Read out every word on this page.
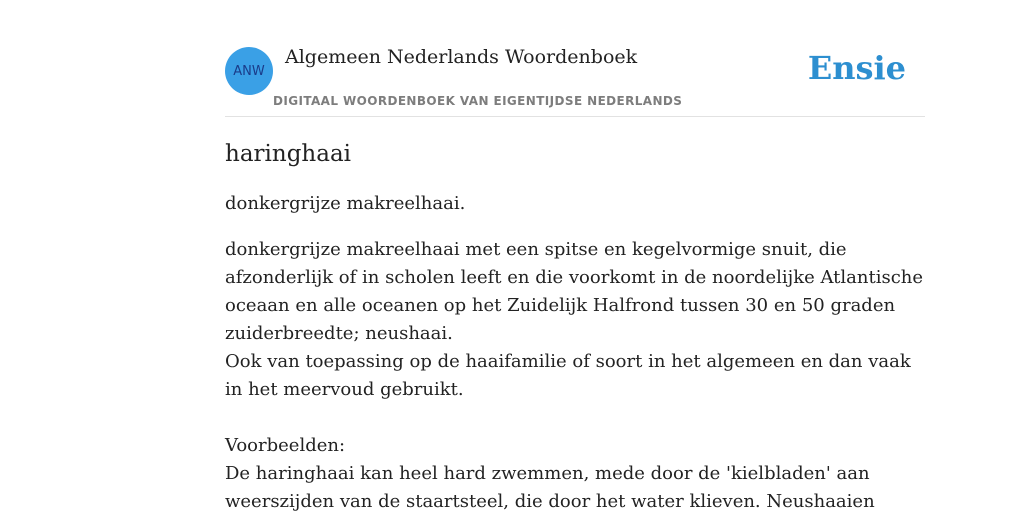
ANW
Algemeen Nederlands Woordenboek
DIGITAAL WOORDENBOEK VAN EIGENTIJDSE NEDERLANDS
Ensie
haringhaai

donkergrijze makreelhaai.

donkergrijze makreelhaai met een spitse en kegelvormige snuit, die afzonderlijk of in scholen leeft en die voorkomt in de noordelijke Atlantische oceaan en alle oceanen op het Zuidelijk Halfrond tussen 30 en 50 graden zuiderbreedte; neushaai.
Ook van toepassing op de haaifamilie of soort in het algemeen en dan vaak in het meervoud gebruikt.
Voorbeelden:
De haringhaai kan heel hard zwemmen, mede door de 'kielbladen' aan weerszijden van de staartsteel, die door het water klieven. Neushaaien
